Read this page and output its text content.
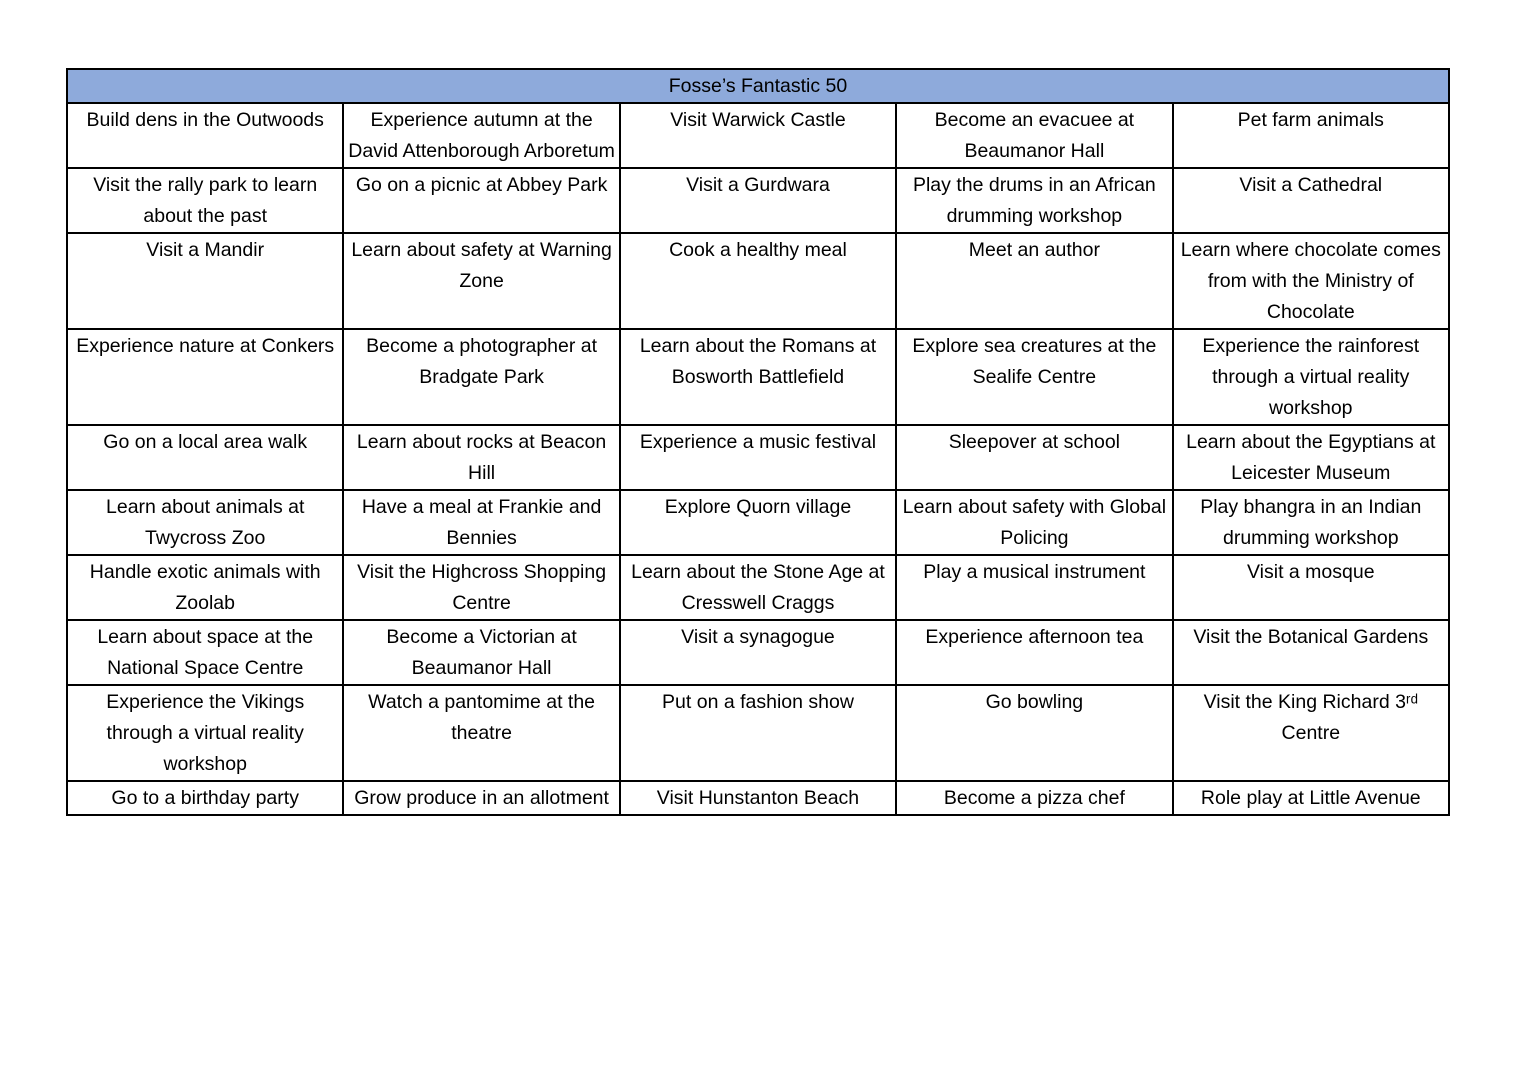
Fosse’s Fantastic 50				
Build dens in the Outwoods	Experience autumn at the David Attenborough Arboretum	Visit Warwick Castle	Become an evacuee at Beaumanor Hall	Pet farm animals
Visit the rally park to learn about the past	Go on a picnic at Abbey Park	Visit a Gurdwara	Play the drums in an African drumming workshop	Visit a Cathedral
Visit a Mandir	Learn about safety at Warning Zone	Cook a healthy meal	Meet an author	Learn where chocolate comes from with the Ministry of Chocolate
Experience nature at Conkers	Become a photographer at Bradgate Park	Learn about the Romans at Bosworth Battlefield	Explore sea creatures at the Sealife Centre	Experience the rainforest through a virtual reality workshop
Go on a local area walk	Learn about rocks at Beacon Hill	Experience a music festival	Sleepover at school	Learn about the Egyptians at Leicester Museum
Learn about animals at Twycross Zoo	Have a meal at Frankie and Bennies	Explore Quorn village	Learn about safety with Global Policing	Play bhangra in an Indian drumming workshop
Handle exotic animals with Zoolab	Visit the Highcross Shopping Centre	Learn about the Stone Age at Cresswell Craggs	Play a musical instrument	Visit a mosque
Learn about space at the National Space Centre	Become a Victorian at Beaumanor Hall	Visit a synagogue	Experience afternoon tea	Visit the Botanical Gardens
Experience the Vikings through a virtual reality workshop	Watch a pantomime at the theatre	Put on a fashion show	Go bowling	Visit the King Richard 3ʳᵈ Centre
Go to a birthday party	Grow produce in an allotment	Visit Hunstanton Beach	Become a pizza chef	Role play at Little Avenue
